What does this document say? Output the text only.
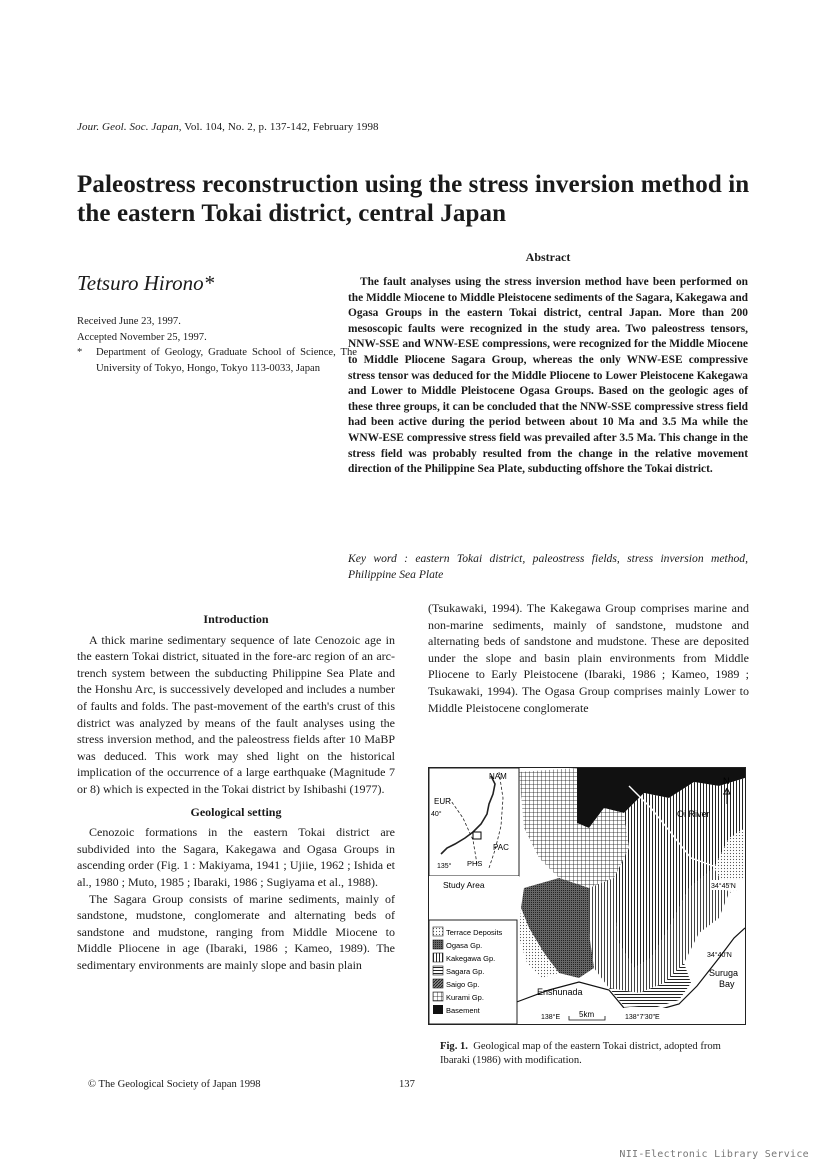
Jour. Geol. Soc. Japan, Vol. 104, No. 2, p. 137-142, February 1998
Paleostress reconstruction using the stress inversion method in the eastern Tokai district, central Japan
Abstract
Tetsuro Hirono*
Received June 23, 1997.
Accepted November 25, 1997.
*	Department of Geology, Graduate School of Science, The University of Tokyo, Hongo, Tokyo 113-0033, Japan
The fault analyses using the stress inversion method have been performed on the Middle Miocene to Middle Pleistocene sediments of the Sagara, Kakegawa and Ogasa Groups in the eastern Tokai district, central Japan. More than 200 mesoscopic faults were recognized in the study area. Two paleostress tensors, NNW-SSE and WNW-ESE compressions, were recognized for the Middle Miocene to Middle Pliocene Sagara Group, whereas the only WNW-ESE compressive stress tensor was deduced for the Middle Pliocene to Lower Pleistocene Kakegawa and Lower to Middle Pleistocene Ogasa Groups. Based on the geologic ages of these three groups, it can be concluded that the NNW-SSE compressive stress field had been active during the period between about 10 Ma and 3.5 Ma while the WNW-ESE compressive stress field was prevailed after 3.5 Ma. This change in the stress field was probably resulted from the change in the relative movement direction of the Philippine Sea Plate, subducting offshore the Tokai district.
Key word : eastern Tokai district, paleostress fields, stress inversion method, Philippine Sea Plate
Introduction

A thick marine sedimentary sequence of late Cenozoic age in the eastern Tokai district, situated in the fore-arc region of an arc-trench system between the subducting Philippine Sea Plate and the Honshu Arc, is successively developed and includes a number of faults and folds. The past-movement of the earth's crust of this district was analyzed by means of the fault analyses using the stress inversion method, and the paleostress fields after 10 MaBP was deduced. This work may shed light on the historical implication of the occurrence of a large earthquake (Magnitude 7 or 8) which is expected in the Tokai district by Ishibashi (1977).

Geological setting

Cenozoic formations in the eastern Tokai district are subdivided into the Sagara, Kakegawa and Ogasa Groups in ascending order (Fig. 1 : Makiyama, 1941 ; Ujiie, 1962 ; Ishida et al., 1980 ; Muto, 1985 ; Ibaraki, 1986 ; Sugiyama et al., 1988).

The Sagara Group consists of marine sediments, mainly of sandstone, mudstone, conglomerate and alternating beds of sandstone and mudstone, ranging from Middle Miocene to Middle Pliocene in age (Ibaraki, 1986 ; Kameo, 1989). The sedimentary environments are mainly slope and basin plain

(Tsukawaki, 1994). The Kakegawa Group comprises marine and non-marine sediments, mainly of sandstone, mudstone and alternating beds of sandstone and mudstone. These are deposited under the slope and basin plain environments from Middle Pliocene to Early Pleistocene (Ibaraki, 1986 ; Kameo, 1989 ; Tsukawaki, 1994). The Ogasa Group comprises mainly Lower to Middle Pleistocene conglomerate
NAM
EUR
40°
PAC
PHS
135°
Study Area
N
Oi River
34°45'N
34°40'N
Suruga
Bay
Enshunada
138°E 5km	138°7'30"E
Terrace Deposits
Ogasa Gp.
Kakegawa Gp.
Sagara Gp.
Saigo Gp.
Kurami Gp.
Basement
Fig. 1. Geological map of the eastern Tokai district, adopted from Ibaraki (1986) with modification.
© The Geological Society of Japan 1998	137
NII-Electronic Library Service
